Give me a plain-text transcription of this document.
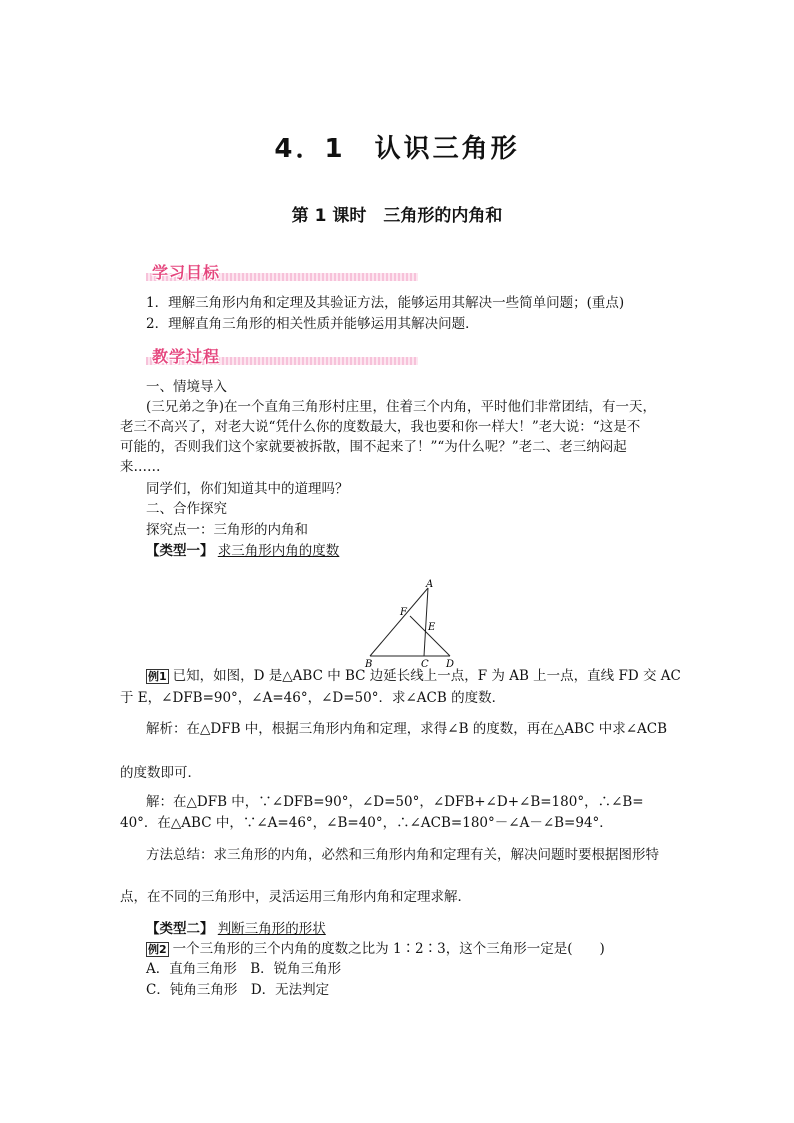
4．1　认识三角形
第 1 课时　三角形的内角和
学习目标
1．理解三角形内角和定理及其验证方法，能够运用其解决一些简单问题；(重点)
2．理解直角三角形的相关性质并能够运用其解决问题．
教学过程
一、情境导入
(三兄弟之争)在一个直角三角形村庄里，住着三个内角，平时他们非常团结，有一天，
老三不高兴了，对老大说“凭什么你的度数最大，我也要和你一样大！”老大说：“这是不
可能的，否则我们这个家就要被拆散，围不起来了！”“为什么呢？”老二、老三纳闷起
来……
同学们，你们知道其中的道理吗？
二、合作探究
探究点一：三角形的内角和
【类型一】 求三角形内角的度数
A
F
E
B	C D
例1 已知，如图，D 是△ABC 中 BC 边延长线上一点，F 为 AB 上一点，直线 FD 交 AC
于 E，∠DFB=90°，∠A=46°，∠D=50°．求∠ACB 的度数．
解析：在△DFB 中，根据三角形内角和定理，求得∠B 的度数，再在△ABC 中求∠ACB
的度数即可．
解：在△DFB 中，∵∠DFB=90°，∠D=50°，∠DFB+∠D+∠B=180°，∴∠B=
40°．在△ABC 中，∵∠A=46°，∠B=40°，∴∠ACB=180°－∠A－∠B=94°．
方法总结：求三角形的内角，必然和三角形内角和定理有关，解决问题时要根据图形特
点，在不同的三角形中，灵活运用三角形内角和定理求解．
【类型二】 判断三角形的形状
例2 一个三角形的三个内角的度数之比为 1∶2∶3，这个三角形一定是(　　)
A．直角三角形　B．锐角三角形
C．钝角三角形　D．无法判定
